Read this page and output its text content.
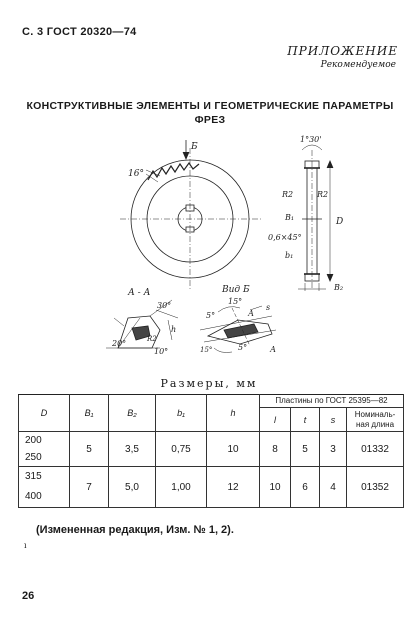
С. 3 ГОСТ 20320—74
ПРИЛОЖЕНИЕ
Рекомендуемое
КОНСТРУКТИВНЫЕ ЭЛЕМЕНТЫ И ГЕОМЕТРИЧЕСКИЕ ПАРАМЕТРЫ
ФРЕЗ
Б
16°
1°30'
R2	R2
B₁
0,6×45°
b₁
B₂
D
А - А	Вид Б
30°
20°
10°
R2
h
15°
5°
5°
15°
А
А
s
Размеры, мм
D	B₁	B₂	b₁	h	Пластины по ГОСТ 25395—82			
					l	t	s	Номиналь-
ная длина

200
250	5	3,5	0,75	10	8	5	3	01332

315
400	7	5,0	1,00	12	10	6	4	01352
(Измененная редакция, Изм. № 1, 2).
ı
26
